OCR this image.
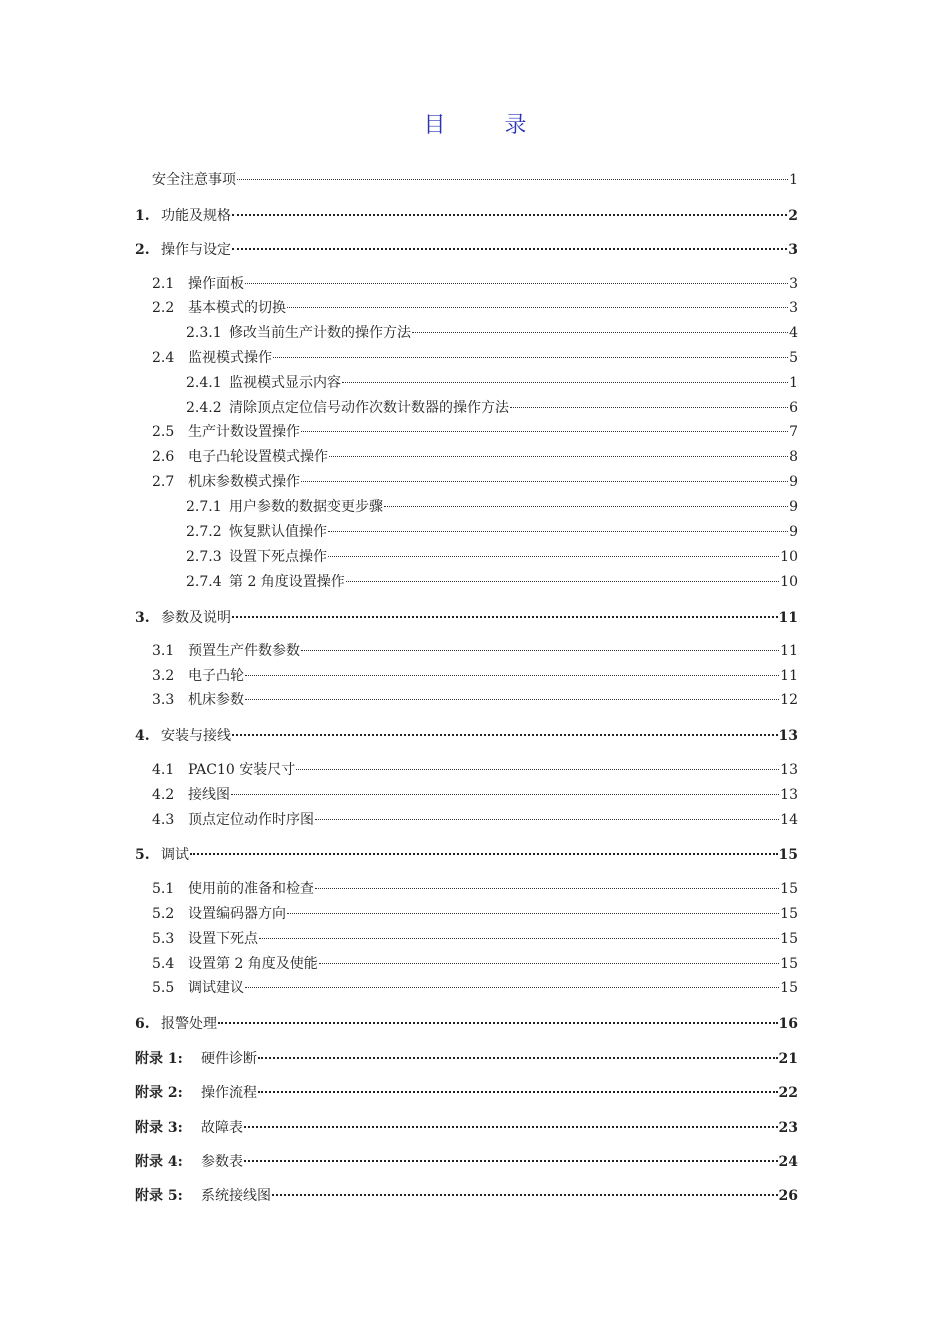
目 录
安全注意事项	1
1. 功能及规格	2
2. 操作与设定	3
2.1 操作面板	3
2.2 基本模式的切换	3
2.3.1 修改当前生产计数的操作方法	4
2.4 监视模式操作	5
2.4.1 监视模式显示内容	1
2.4.2 清除顶点定位信号动作次数计数器的操作方法	6
2.5 生产计数设置操作	7
2.6 电子凸轮设置模式操作	8
2.7 机床参数模式操作	9
2.7.1 用户参数的数据变更步骤	9
2.7.2 恢复默认值操作	9
2.7.3 设置下死点操作	10
2.7.4 第 2 角度设置操作	10
3. 参数及说明	11
3.1 预置生产件数参数	11
3.2 电子凸轮	11
3.3 机床参数	12
4. 安装与接线	13
4.1 PAC10 安装尺寸	13
4.2 接线图	13
4.3 顶点定位动作时序图	14
5. 调试	15
5.1 使用前的准备和检查	15
5.2 设置编码器方向	15
5.3 设置下死点	15
5.4 设置第 2 角度及使能	15
5.5 调试建议	15
6. 报警处理	16
附录 1:	硬件诊断	21
附录 2:	操作流程	22
附录 3:	故障表	23
附录 4:	参数表	24
附录 5:	系统接线图	26
